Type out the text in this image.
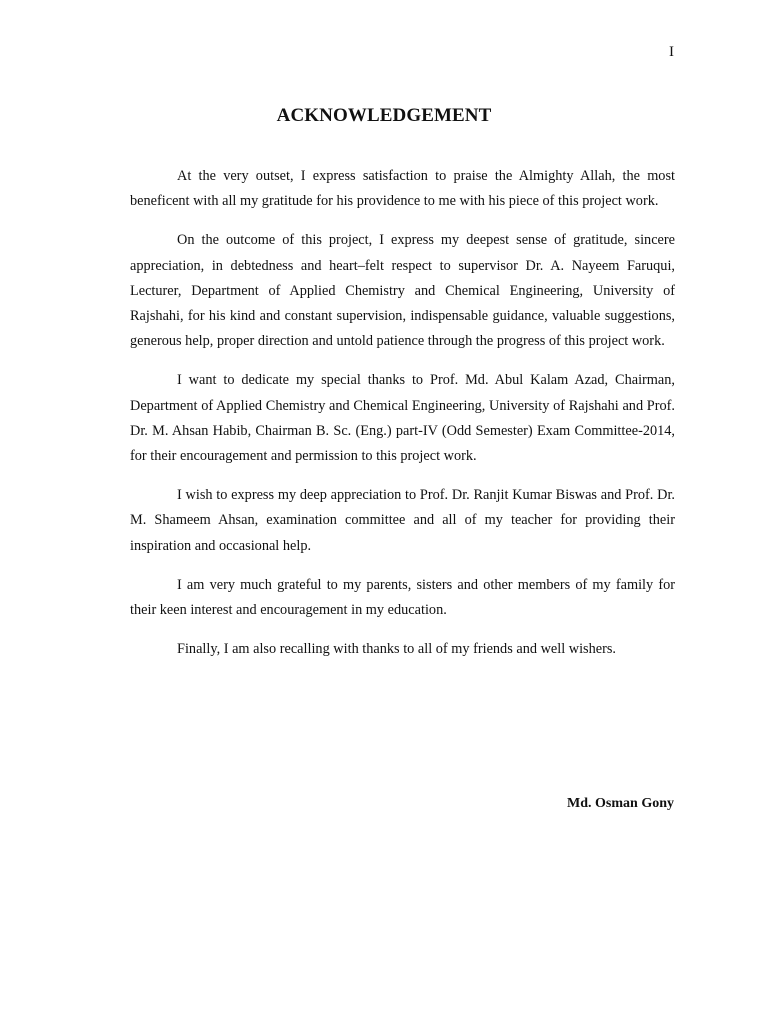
I
ACKNOWLEDGEMENT

At the very outset, I express satisfaction to praise the Almighty Allah, the most beneficent with all my gratitude for his providence to me with his piece of this project work.

On the outcome of this project, I express my deepest sense of gratitude, sincere appreciation, in debtedness and heart–felt respect to supervisor Dr. A. Nayeem Faruqui, Lecturer, Department of Applied Chemistry and Chemical Engineering, University of Rajshahi, for his kind and constant supervision, indispensable guidance, valuable suggestions, generous help, proper direction and untold patience through the progress of this project work.

I want to dedicate my special thanks to Prof. Md. Abul Kalam Azad, Chairman, Department of Applied Chemistry and Chemical Engineering, University of Rajshahi and Prof. Dr. M. Ahsan Habib, Chairman B. Sc. (Eng.) part-IV (Odd Semester) Exam Committee-2014, for their encouragement and permission to this project work.

I wish to express my deep appreciation to Prof. Dr. Ranjit Kumar Biswas and Prof. Dr. M. Shameem Ahsan, examination committee and all of my teacher for providing their inspiration and occasional help.

I am very much grateful to my parents, sisters and other members of my family for their keen interest and encouragement in my education.

Finally, I am also recalling with thanks to all of my friends and well wishers.

Md. Osman Gony
